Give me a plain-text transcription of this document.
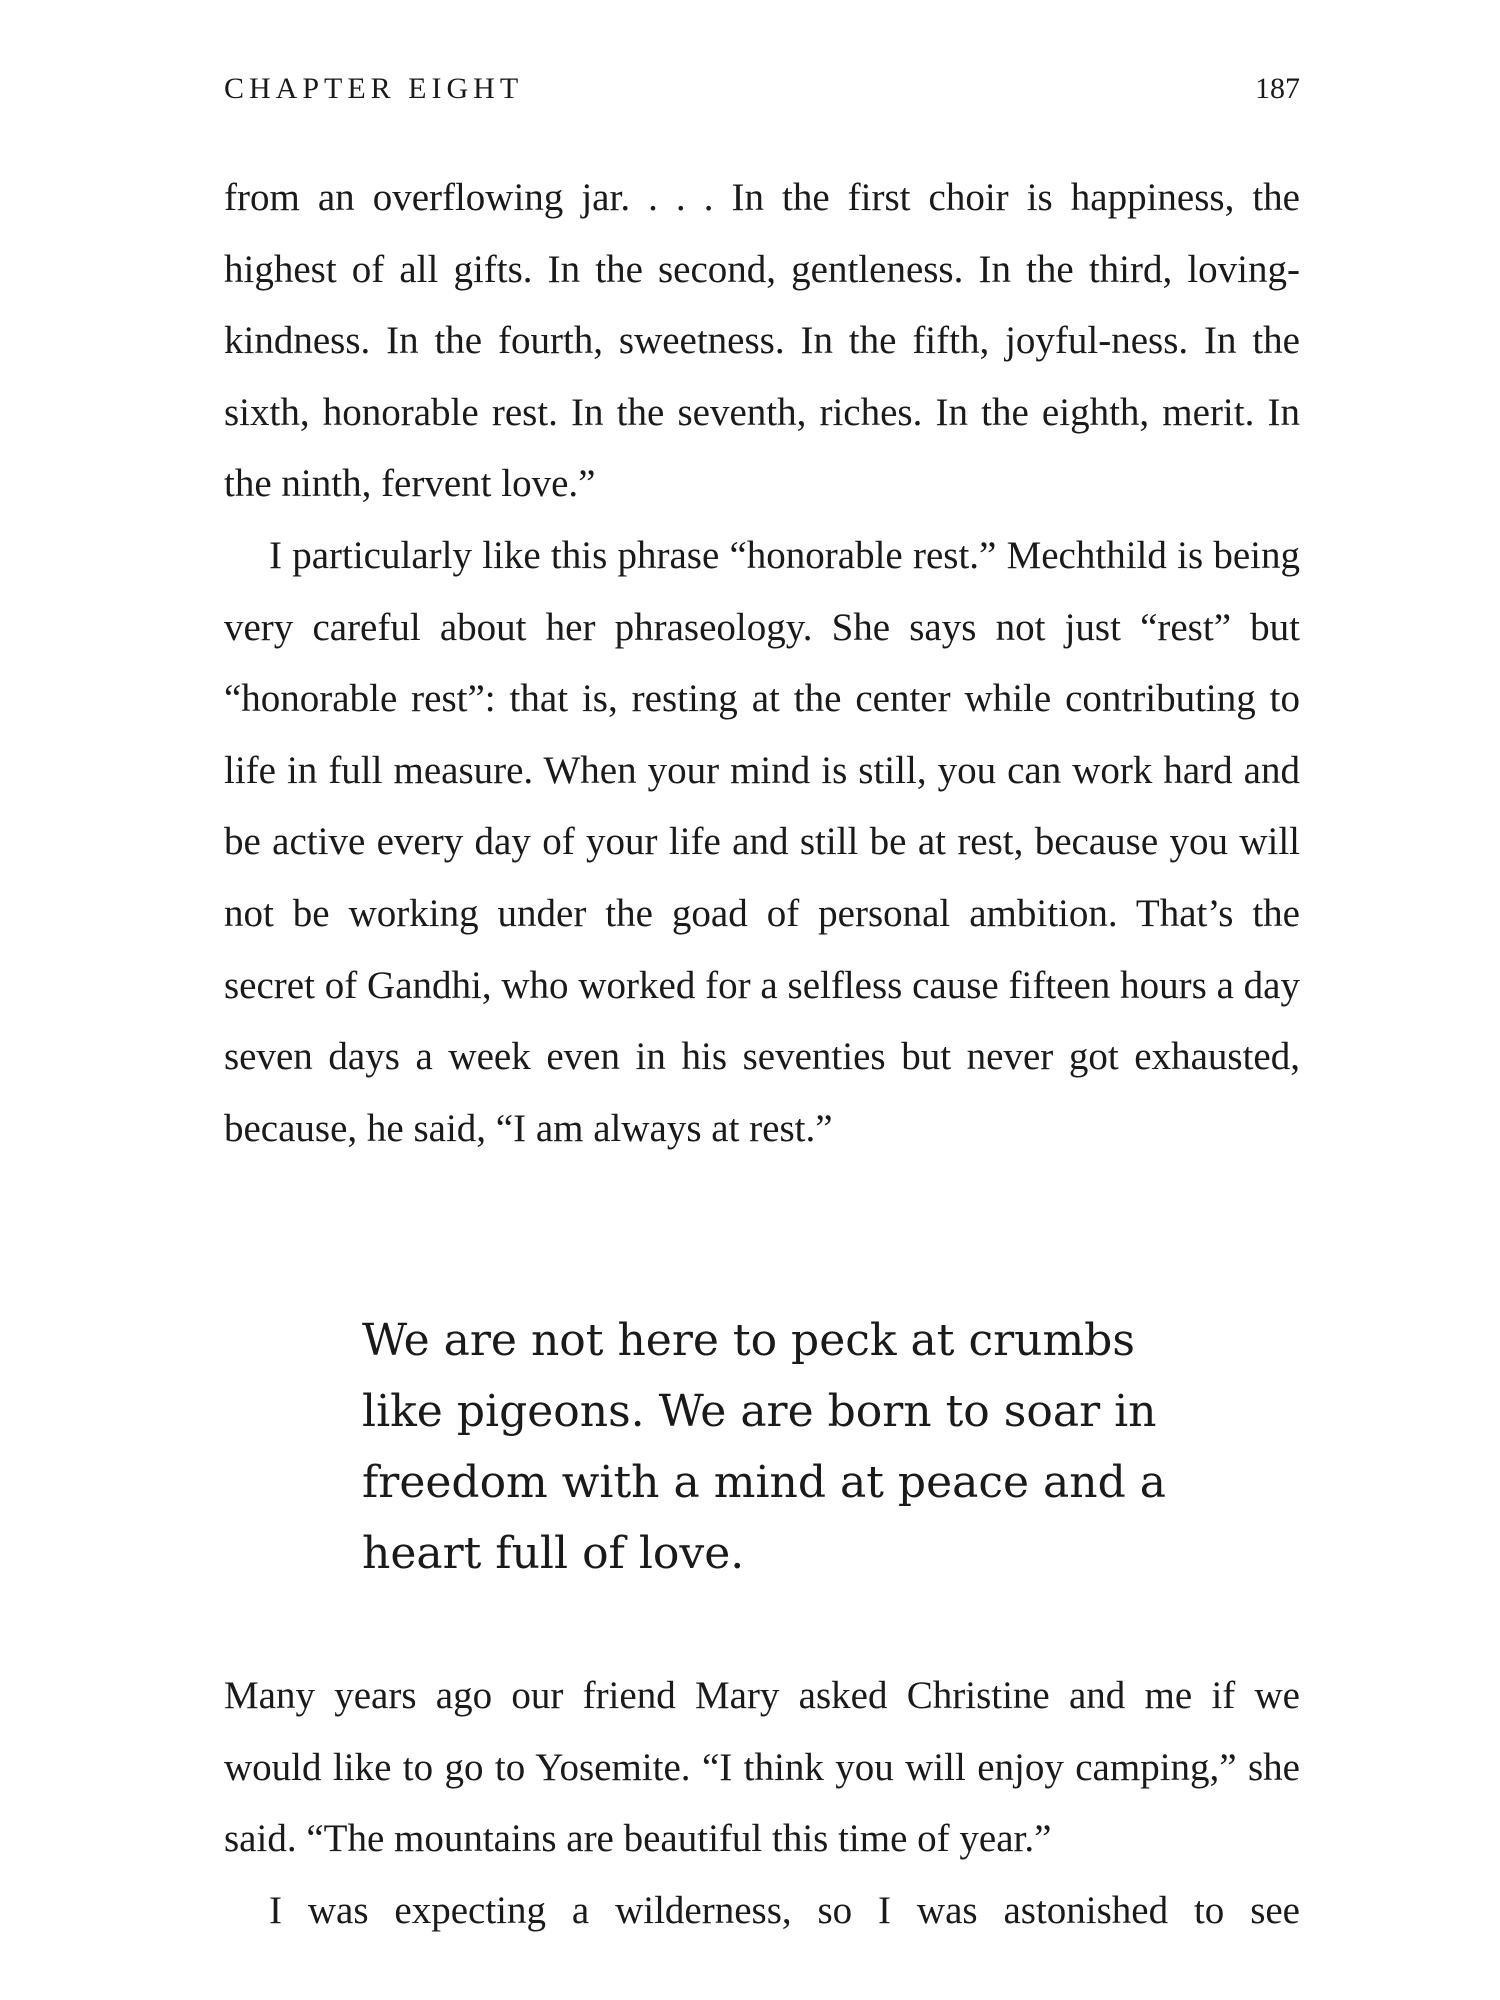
CHAPTER EIGHT	187

from an overflowing jar. . . . In the first choir is happiness, the highest of all gifts. In the second, gentleness. In the third, loving-kindness. In the fourth, sweetness. In the fifth, joyful-ness. In the sixth, honorable rest. In the seventh, riches. In the eighth, merit. In the ninth, fervent love.”

I particularly like this phrase “honorable rest.” Mechthild is being very careful about her phraseology. She says not just “rest” but “honorable rest”: that is, resting at the center while contributing to life in full measure. When your mind is still, you can work hard and be active every day of your life and still be at rest, because you will not be working under the goad of personal ambition. That’s the secret of Gandhi, who worked for a selfless cause fifteen hours a day seven days a week even in his seventies but never got exhausted, because, he said, “I am always at rest.”

We are not here to peck at crumbs like pigeons. We are born to soar in freedom with a mind at peace and a heart full of love.

Many years ago our friend Mary asked Christine and me if we would like to go to Yosemite. “I think you will enjoy camping,” she said. “The mountains are beautiful this time of year.”

I was expecting a wilderness, so I was astonished to see
